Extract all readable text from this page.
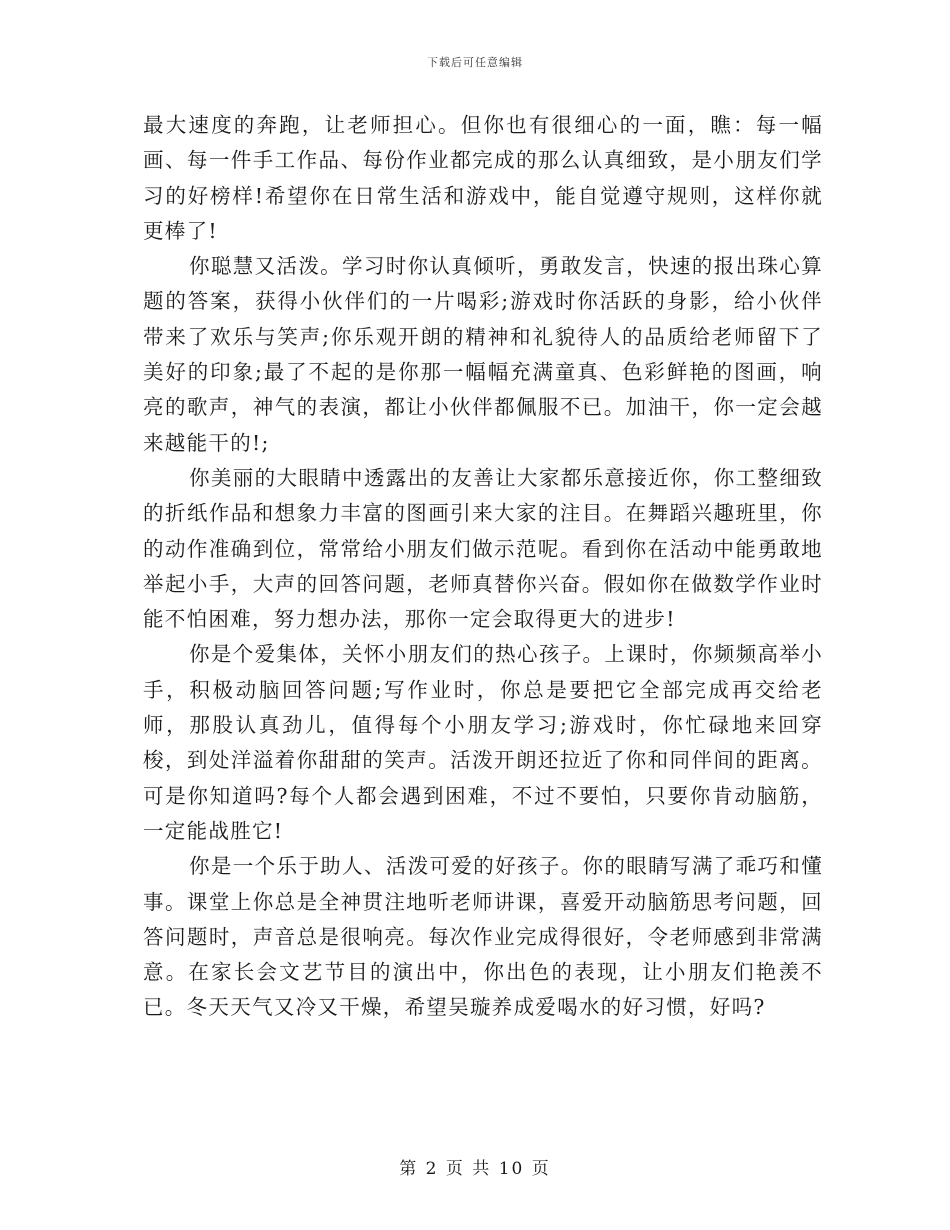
下载后可任意编辑

最大速度的奔跑，让老师担心。但你也有很细心的一面，瞧：每一幅画、每一件手工作品、每份作业都完成的那么认真细致，是小朋友们学习的好榜样!希望你在日常生活和游戏中，能自觉遵守规则，这样你就更棒了!

你聪慧又活泼。学习时你认真倾听，勇敢发言，快速的报出珠心算题的答案，获得小伙伴们的一片喝彩;游戏时你活跃的身影，给小伙伴带来了欢乐与笑声;你乐观开朗的精神和礼貌待人的品质给老师留下了美好的印象;最了不起的是你那一幅幅充满童真、色彩鲜艳的图画，响亮的歌声，神气的表演，都让小伙伴都佩服不已。加油干，你一定会越来越能干的!;

你美丽的大眼睛中透露出的友善让大家都乐意接近你，你工整细致的折纸作品和想象力丰富的图画引来大家的注目。在舞蹈兴趣班里，你的动作准确到位，常常给小朋友们做示范呢。看到你在活动中能勇敢地举起小手，大声的回答问题，老师真替你兴奋。假如你在做数学作业时能不怕困难，努力想办法，那你一定会取得更大的进步!

你是个爱集体，关怀小朋友们的热心孩子。上课时，你频频高举小手，积极动脑回答问题;写作业时，你总是要把它全部完成再交给老师，那股认真劲儿，值得每个小朋友学习;游戏时，你忙碌地来回穿梭，到处洋溢着你甜甜的笑声。活泼开朗还拉近了你和同伴间的距离。可是你知道吗?每个人都会遇到困难，不过不要怕，只要你肯动脑筋，一定能战胜它!

你是一个乐于助人、活泼可爱的好孩子。你的眼睛写满了乖巧和懂事。课堂上你总是全神贯注地听老师讲课，喜爱开动脑筋思考问题，回答问题时，声音总是很响亮。每次作业完成得很好，令老师感到非常满意。在家长会文艺节目的演出中，你出色的表现，让小朋友们艳羡不已。冬天天气又冷又干燥，希望吴璇养成爱喝水的好习惯，好吗?

第 2 页 共 10 页
